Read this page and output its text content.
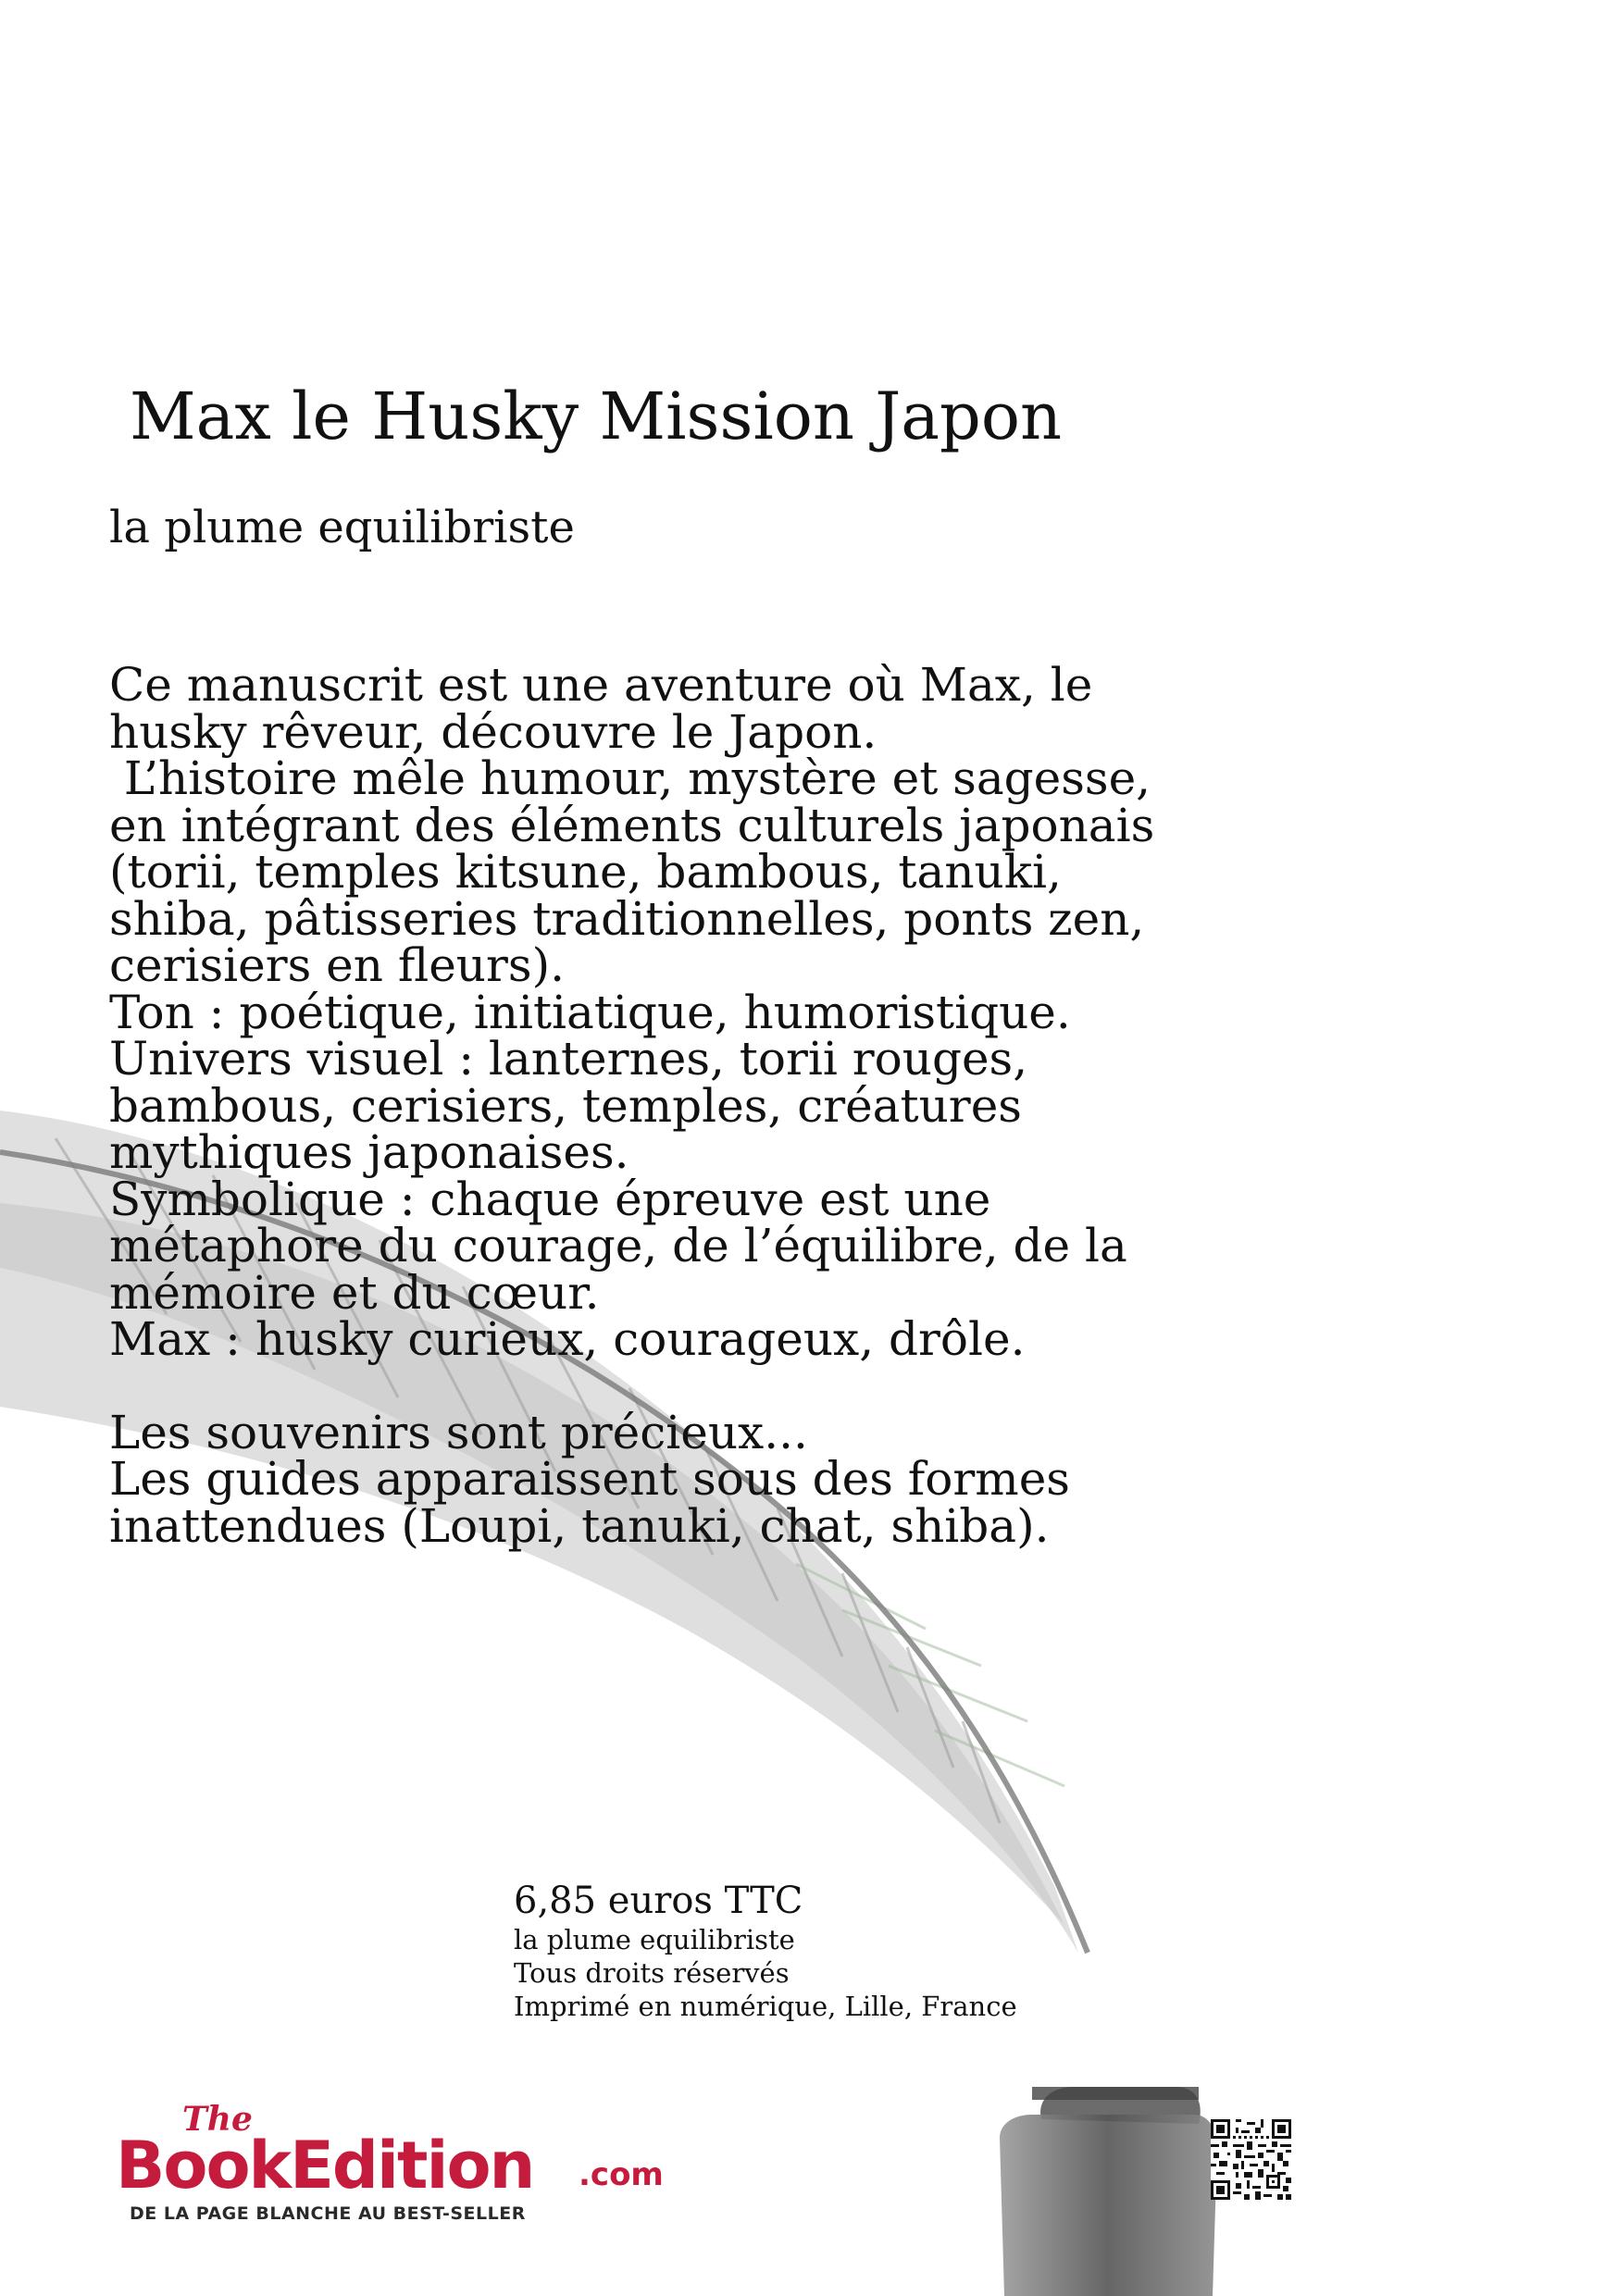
Max le Husky Mission Japon
la plume equilibriste

Ce manuscrit est une aventure où Max, le

husky rêveur, découvre le Japon.

L’histoire mêle humour, mystère et sagesse,

en intégrant des éléments culturels japonais

(torii, temples kitsune, bambous, tanuki,

shiba, pâtisseries traditionnelles, ponts zen,

cerisiers en fleurs).

Ton : poétique, initiatique, humoristique.

Univers visuel : lanternes, torii rouges,

bambous, cerisiers, temples, créatures

mythiques japonaises.

Symbolique : chaque épreuve est une

métaphore du courage, de l’équilibre, de la

mémoire et du cœur.

Max : husky curieux, courageux, drôle.

Les souvenirs sont précieux...

Les guides apparaissent sous des formes

inattendues (Loupi, tanuki, chat, shiba).

6,85 euros TTC
la plume equilibriste
Tous droits réservés
Imprimé en numérique, Lille, France
The
BookEdition .com
DE LA PAGE BLANCHE AU BEST-SELLER
